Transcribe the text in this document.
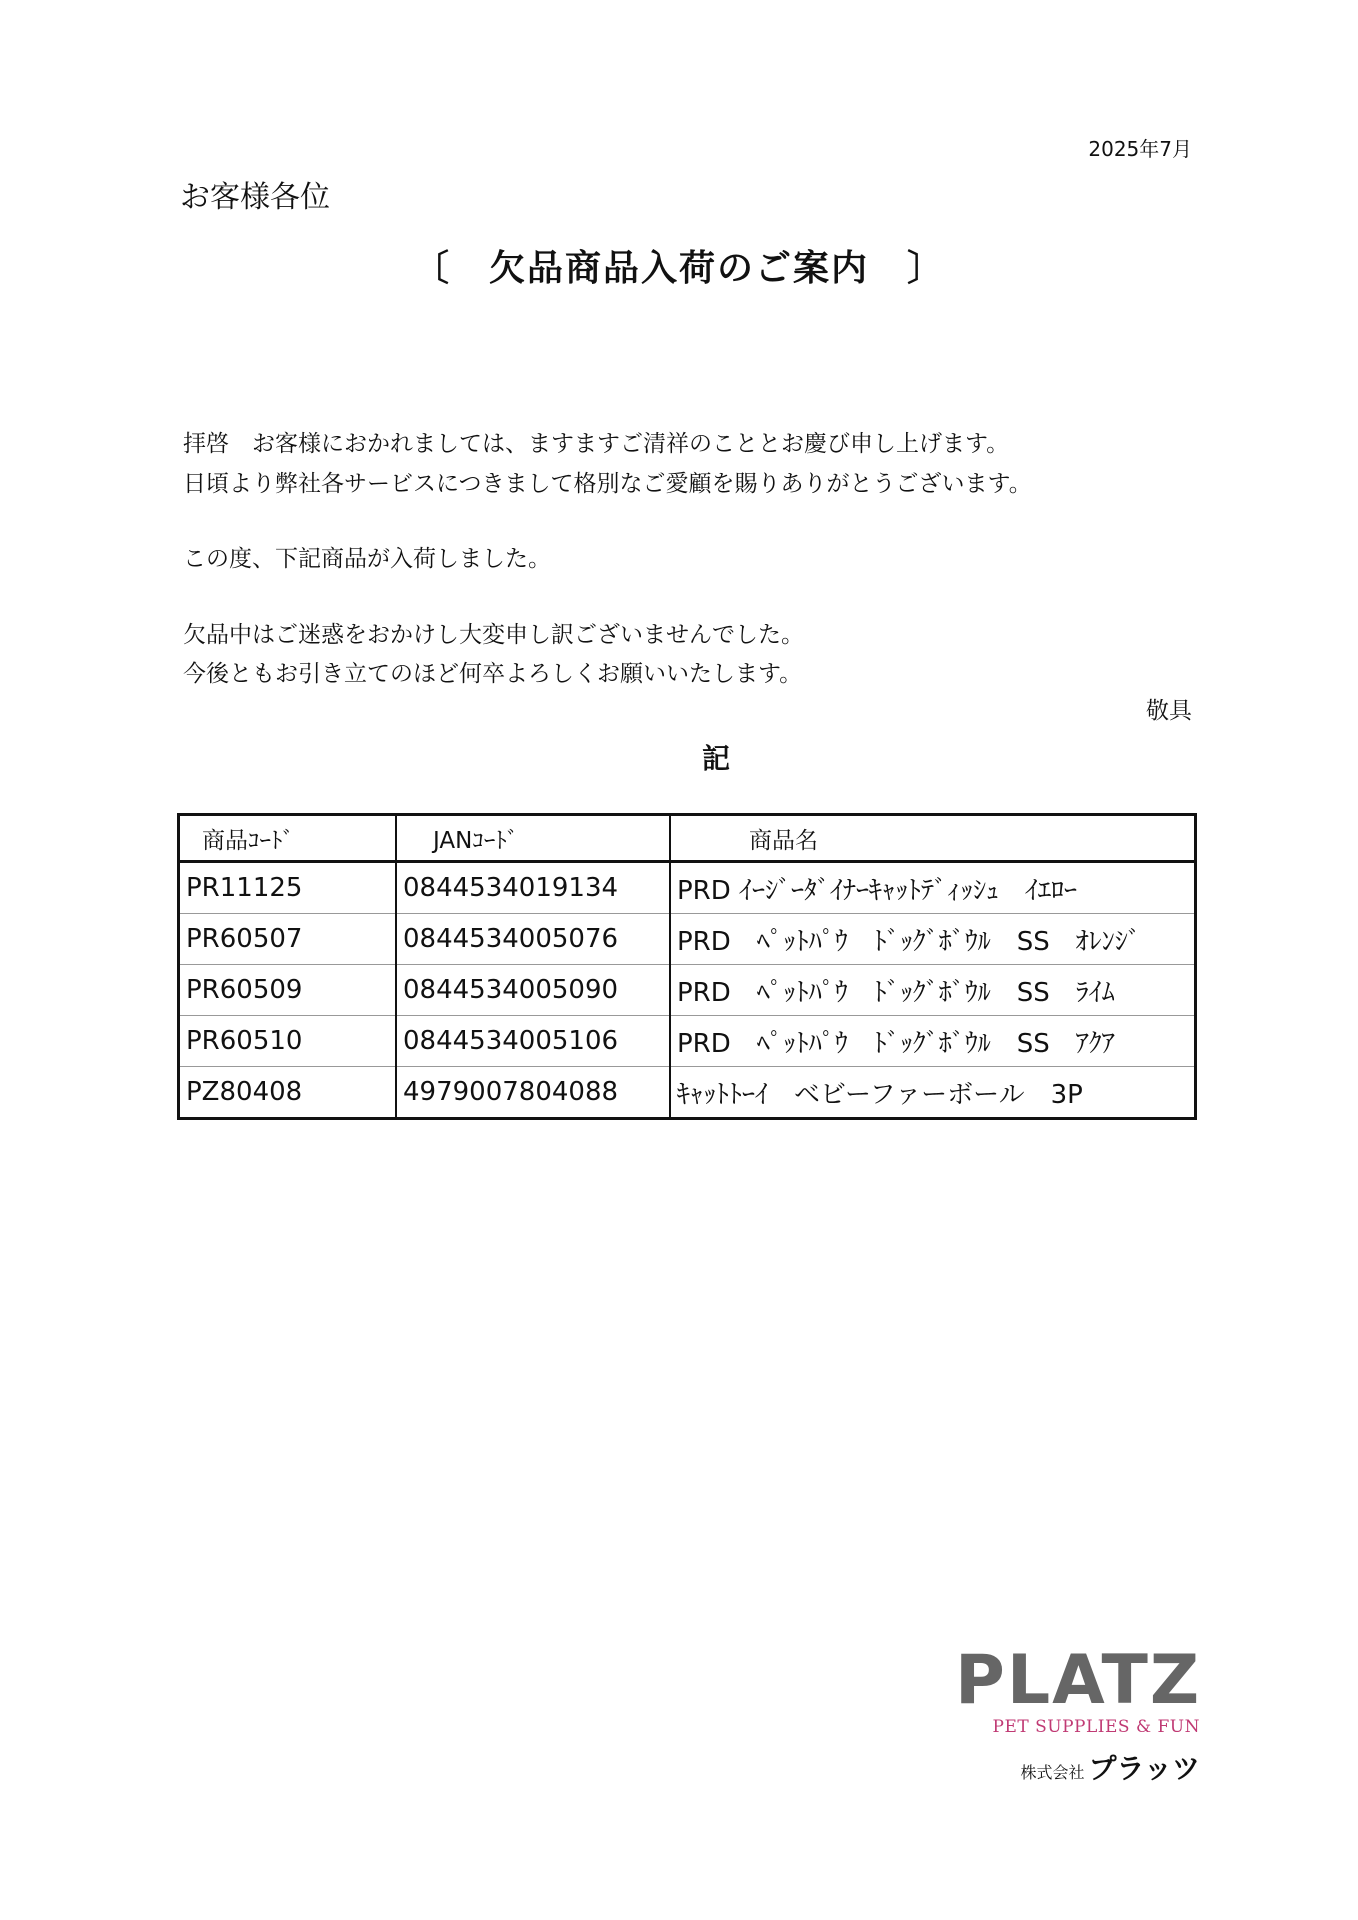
2025年7月
お客様各位
〔　欠品商品入荷のご案内　〕
拝啓　お客様におかれましては、ますますご清祥のこととお慶び申し上げます。
日頃より弊社各サービスにつきまして格別なご愛顧を賜りありがとうございます。
この度、下記商品が入荷しました。
欠品中はご迷惑をおかけし大変申し訳ございませんでした。
今後ともお引き立てのほど何卒よろしくお願いいたします。
敬具
記
商品ｺｰﾄﾞ	JANｺｰﾄﾞ	商品名
PR11125	0844534019134	PRD ｲｰｼﾞｰﾀﾞｲﾅｰｷｬｯﾄﾃﾞｨｯｼｭ　ｲｴﾛｰ
PR60507	0844534005076	PRD　ﾍﾟｯﾄﾊﾟｳ　ﾄﾞｯｸﾞﾎﾞｳﾙ　SS　ｵﾚﾝｼﾞ
PR60509	0844534005090	PRD　ﾍﾟｯﾄﾊﾟｳ　ﾄﾞｯｸﾞﾎﾞｳﾙ　SS　ﾗｲﾑ
PR60510	0844534005106	PRD　ﾍﾟｯﾄﾊﾟｳ　ﾄﾞｯｸﾞﾎﾞｳﾙ　SS　ｱｸｱ
PZ80408	4979007804088	ｷｬｯﾄﾄｰｲ　ベビーファーボール　3P
PLATZ
PET SUPPLIES & FUN
株式会社 プラッツ
